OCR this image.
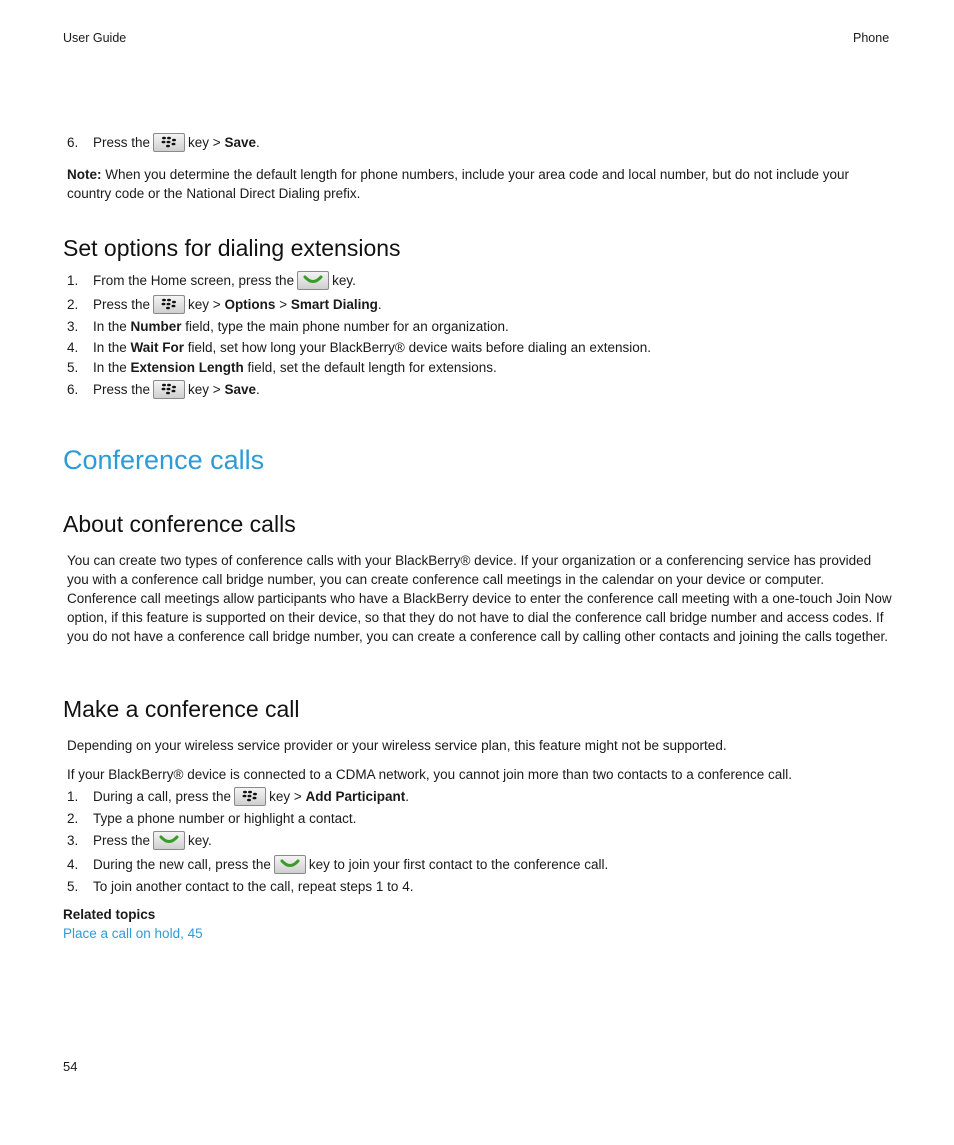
User Guide	Phone
6. Press the	key > Save.
Note: When you determine the default length for phone numbers, include your area code and local number, but do not include your country code or the National Direct Dialing prefix.
Set options for dialing extensions
1. From the Home screen, press the	key.
2. Press the	key > Options > Smart Dialing.
3. In the Number field, type the main phone number for an organization.
4. In the Wait For field, set how long your BlackBerry® device waits before dialing an extension.
5. In the Extension Length field, set the default length for extensions.
6. Press the	key > Save.
Conference calls
About conference calls
You can create two types of conference calls with your BlackBerry® device. If your organization or a conferencing service has provided you with a conference call bridge number, you can create conference call meetings in the calendar on your device or computer. Conference call meetings allow participants who have a BlackBerry device to enter the conference call meeting with a one-touch Join Now option, if this feature is supported on their device, so that they do not have to dial the conference call bridge number and access codes. If you do not have a conference call bridge number, you can create a conference call by calling other contacts and joining the calls together.
Make a conference call
Depending on your wireless service provider or your wireless service plan, this feature might not be supported.
If your BlackBerry® device is connected to a CDMA network, you cannot join more than two contacts to a conference call.
1. During a call, press the	key > Add Participant.
2. Type a phone number or highlight a contact.
3. Press the	key.
4. During the new call, press the	key to join your first contact to the conference call.
5. To join another contact to the call, repeat steps 1 to 4.
Related topics
Place a call on hold, 45
54
